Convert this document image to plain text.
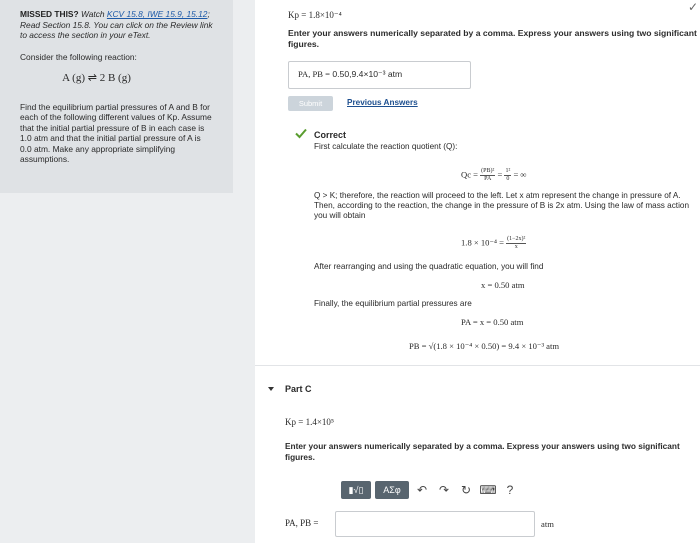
MISSED THIS? Watch KCV 15.8, IWE 15.9, 15.12; Read Section 15.8. You can click on the Review link to access the section in your eText.
Consider the following reaction:
A (g) ⇌ 2 B (g)
Find the equilibrium partial pressures of A and B for each of the following different values of Kp. Assume that the initial partial pressure of B in each case is 1.0 atm and that the initial partial pressure of A is 0.0 atm. Make any appropriate simplifying assumptions.
✓
Kp = 1.8×10⁻⁴
Enter your answers numerically separated by a comma. Express your answers using two significant figures.
PA, PB = 0.50,9.4×10⁻³ atm
Submit	Previous Answers
Correct
First calculate the reaction quotient (Q):
$Qc = \frac{\text{(PB)²}}{PA} = \frac{\text{1²}}{0}$ = ∞
Q > K; therefore, the reaction will proceed to the left. Let x atm represent the change in pressure of A. Then, according to the reaction, the change in the pressure of B is 2x atm. Using the law of mass action you will obtain
$1.8 \times 10^{-4} = \frac{\text{(1−2x)²}}{x}$
After rearranging and using the quadratic equation, you will find
x = 0.50 atm
Finally, the equilibrium partial pressures are
PA = x = 0.50 atm
PB = √(1.8 × 10⁻⁴ × 0.50) = 9.4 × 10⁻³ atm
Part C
Kp = 1.4×10⁵
Enter your answers numerically separated by a comma. Express your answers using two significant figures.
▮√▯	ΑΣφ	↶ ↷ ↻ ⌨ ?
PA, PB =	atm
